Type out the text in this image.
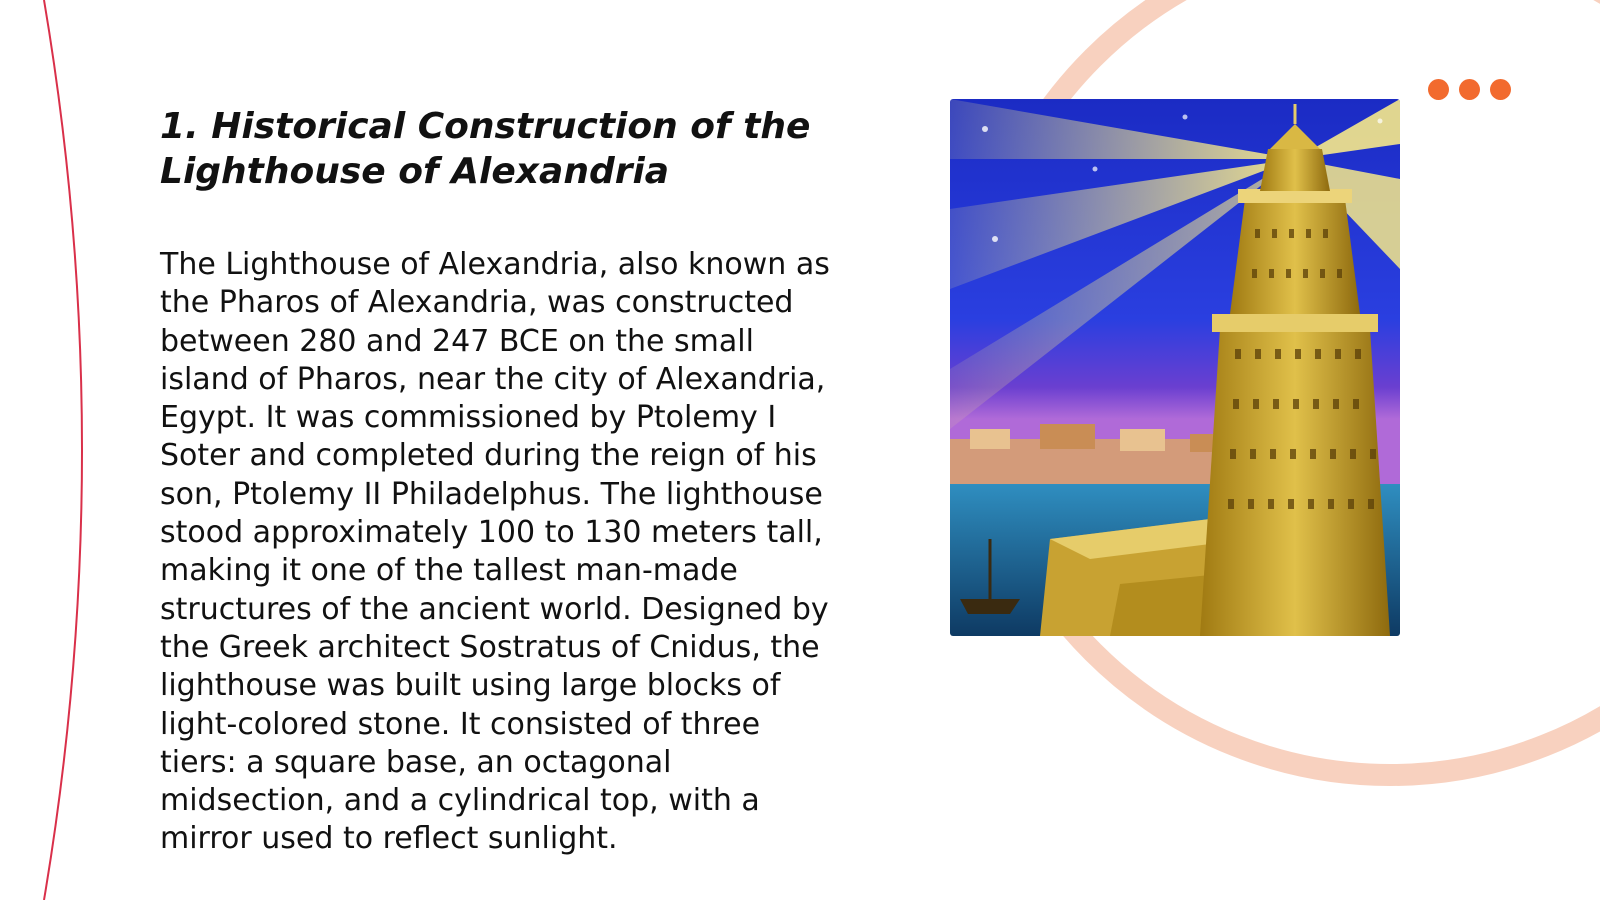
1. Historical Construction of the
Lighthouse of Alexandria

The Lighthouse of Alexandria, also known as
the Pharos of Alexandria, was constructed
between 280 and 247 BCE on the small
island of Pharos, near the city of Alexandria,
Egypt. It was commissioned by Ptolemy I
Soter and completed during the reign of his
son, Ptolemy II Philadelphus. The lighthouse
stood approximately 100 to 130 meters tall,
making it one of the tallest man-made
structures of the ancient world. Designed by
the Greek architect Sostratus of Cnidus, the
lighthouse was built using large blocks of
light-colored stone. It consisted of three
tiers: a square base, an octagonal
midsection, and a cylindrical top, with a
mirror used to reflect sunlight.
